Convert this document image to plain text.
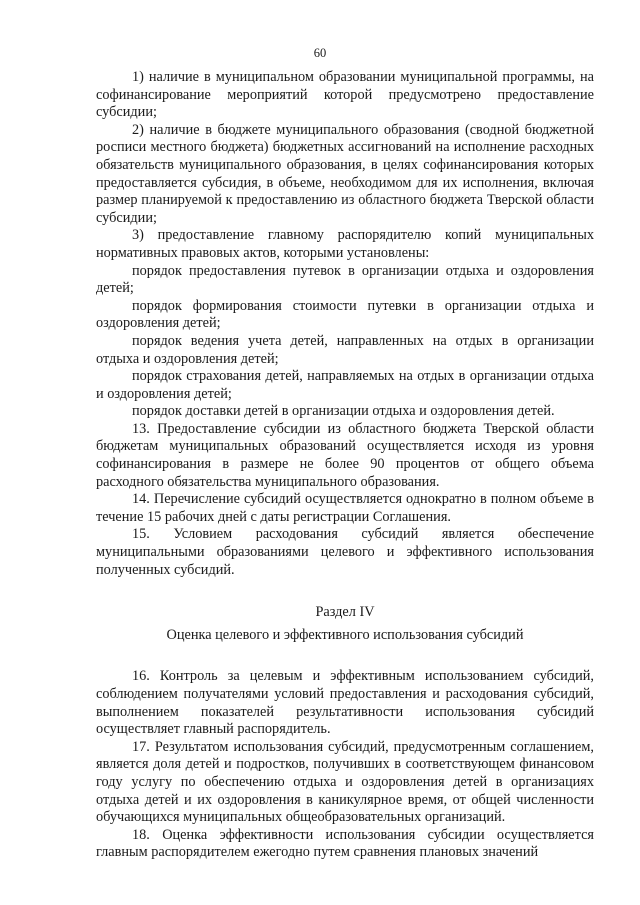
60

1) наличие в муниципальном образовании муниципальной программы, на софинансирование мероприятий которой предусмотрено предоставление субсидии;

2) наличие в бюджете муниципального образования (сводной бюджетной росписи местного бюджета) бюджетных ассигнований на исполнение расходных обязательств муниципального образования, в целях софинансирования которых предоставляется субсидия, в объеме, необходимом для их исполнения, включая размер планируемой к предоставлению из областного бюджета Тверской области субсидии;

3) предоставление главному распорядителю копий муниципальных нормативных правовых актов, которыми установлены:

порядок предоставления путевок в организации отдыха и оздоровления детей;

порядок формирования стоимости путевки в организации отдыха и оздоровления детей;

порядок ведения учета детей, направленных на отдых в организации отдыха и оздоровления детей;

порядок страхования детей, направляемых на отдых в организации отдыха и оздоровления детей;

порядок доставки детей в организации отдыха и оздоровления детей.

13. Предоставление субсидии из областного бюджета Тверской области бюджетам муниципальных образований осуществляется исходя из уровня софинансирования в размере не более 90 процентов от общего объема расходного обязательства муниципального образования.

14. Перечисление субсидий осуществляется однократно в полном объеме в течение 15 рабочих дней с даты регистрации Соглашения.

15. Условием расходования субсидий является обеспечение муниципальными образованиями целевого и эффективного использования полученных субсидий.

Раздел IV

Оценка целевого и эффективного использования субсидий

16. Контроль за целевым и эффективным использованием субсидий, соблюдением получателями условий предоставления и расходования субсидий, выполнением показателей результативности использования субсидий осуществляет главный распорядитель.

17. Результатом использования субсидий, предусмотренным соглашением, является доля детей и подростков, получивших в соответствующем финансовом году услугу по обеспечению отдыха и оздоровления детей в организациях отдыха детей и их оздоровления в каникулярное время, от общей численности обучающихся муниципальных общеобразовательных организаций.

18. Оценка эффективности использования субсидии осуществляется главным распорядителем ежегодно путем сравнения плановых значений
